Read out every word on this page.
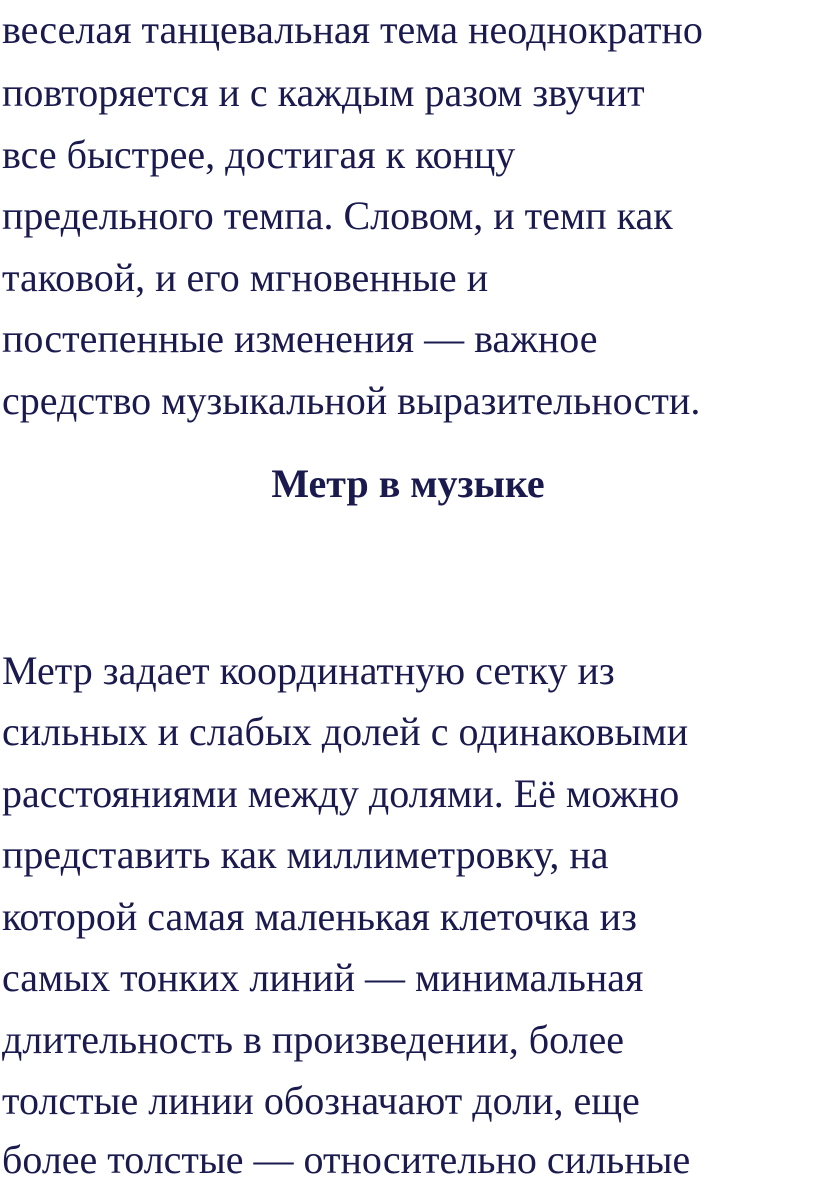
веселая танцевальная тема неоднократно

повторяется и с каждым разом звучит

все быстрее, достигая к концу

предельного темпа. Словом, и темп как

таковой, и его мгновенные и

постепенные изменения — важное

средство музыкальной выразительности.

Метр в музыке

Метр задает координатную сетку из

сильных и слабых долей с одинаковыми

расстояниями между долями. Её можно

представить как миллиметровку, на

которой самая маленькая клеточка из

самых тонких линий — минимальная

длительность в произведении, более

толстые линии обозначают доли, еще

более толстые — относительно сильные
